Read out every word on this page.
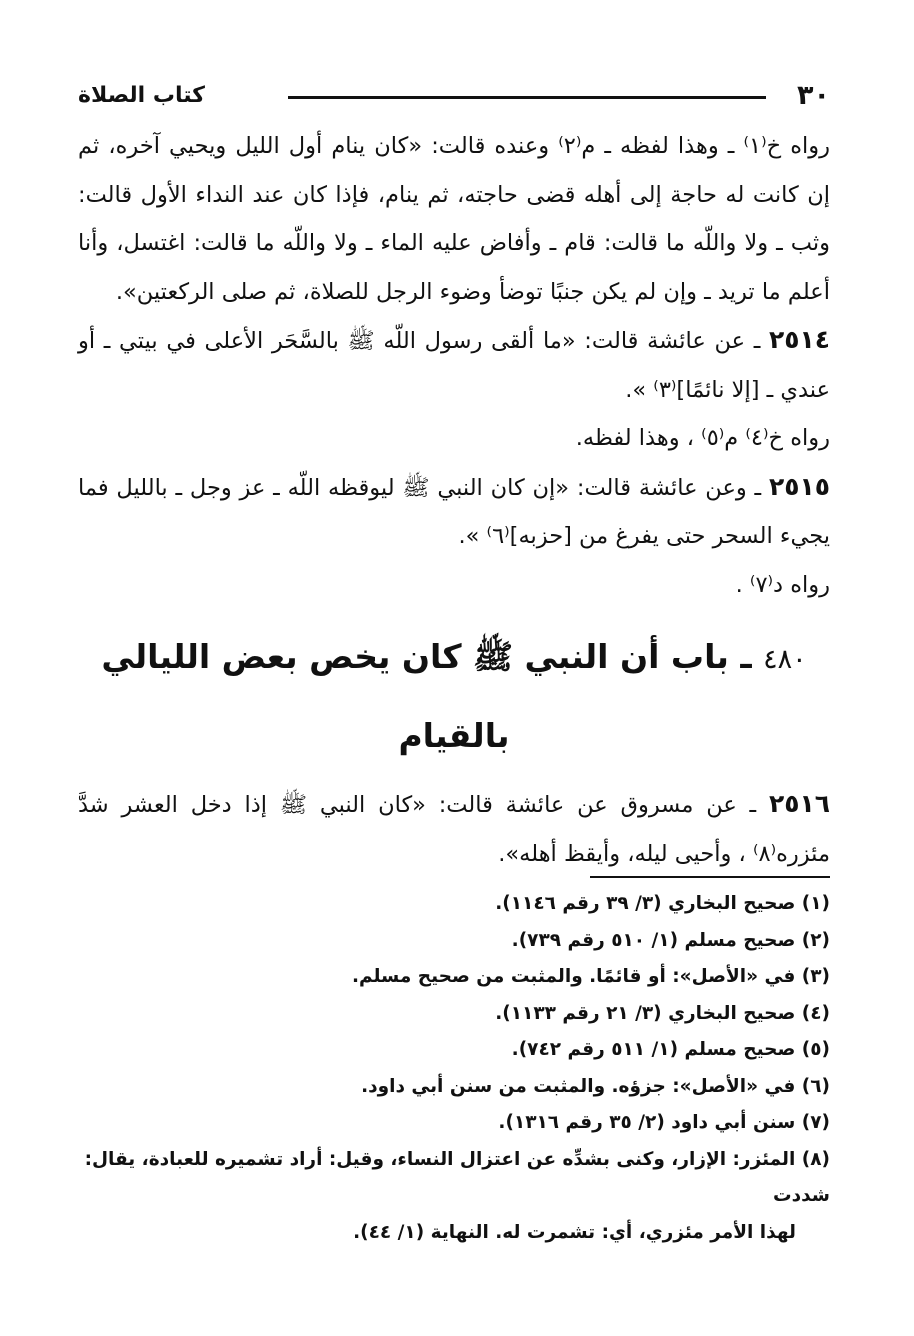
٣٠
كتاب الصلاة

رواه خ⁽١⁾ ـ وهذا لفظه ـ م⁽٢⁾ وعنده قالت: «كان ينام أول الليل ويحيي آخره، ثم إن كانت له حاجة إلى أهله قضى حاجته، ثم ينام، فإذا كان عند النداء الأول قالت: وثب ـ ولا واللّه ما قالت: قام ـ وأفاض عليه الماء ـ ولا واللّه ما قالت: اغتسل، وأنا أعلم ما تريد ـ وإن لم يكن جنبًا توضأ وضوء الرجل للصلاة، ثم صلى الركعتين».

٢٥١٤ ـ عن عائشة قالت: «ما ألقى رسول اللّه ﷺ بالسَّحَر الأعلى في بيتي ـ أو عندي ـ [إلا نائمًا]⁽٣⁾ ».

رواه خ⁽٤⁾ م⁽٥⁾ ، وهذا لفظه.

٢٥١٥ ـ وعن عائشة قالت: «إن كان النبي ﷺ ليوقظه اللّه ـ عز وجل ـ بالليل فما يجيء السحر حتى يفرغ من [حزبه]⁽٦⁾ ».

رواه د⁽٧⁾ .

٤٨٠ ـ باب أن النبي ﷺ كان يخص بعض الليالي بالقيام

٢٥١٦ ـ عن مسروق عن عائشة قالت: «كان النبي ﷺ إذا دخل العشر شدَّ مئزره⁽٨⁾ ، وأحيى ليله، وأيقظ أهله».

(١) صحيح البخاري (٣/ ٣٩ رقم ١١٤٦).

(٢) صحيح مسلم (١/ ٥١٠ رقم ٧٣٩).

(٣) في «الأصل»: أو قائمًا. والمثبت من صحيح مسلم.

(٤) صحيح البخاري (٣/ ٢١ رقم ١١٣٣).

(٥) صحيح مسلم (١/ ٥١١ رقم ٧٤٢).

(٦) في «الأصل»: جزؤه. والمثبت من سنن أبي داود.

(٧) سنن أبي داود (٢/ ٣٥ رقم ١٣١٦).

(٨) المئزر: الإزار، وكنى بشدِّه عن اعتزال النساء، وقيل: أراد تشميره للعبادة، يقال: شددت

لهذا الأمر مئزري، أي: تشمرت له. النهاية (١/ ٤٤).
